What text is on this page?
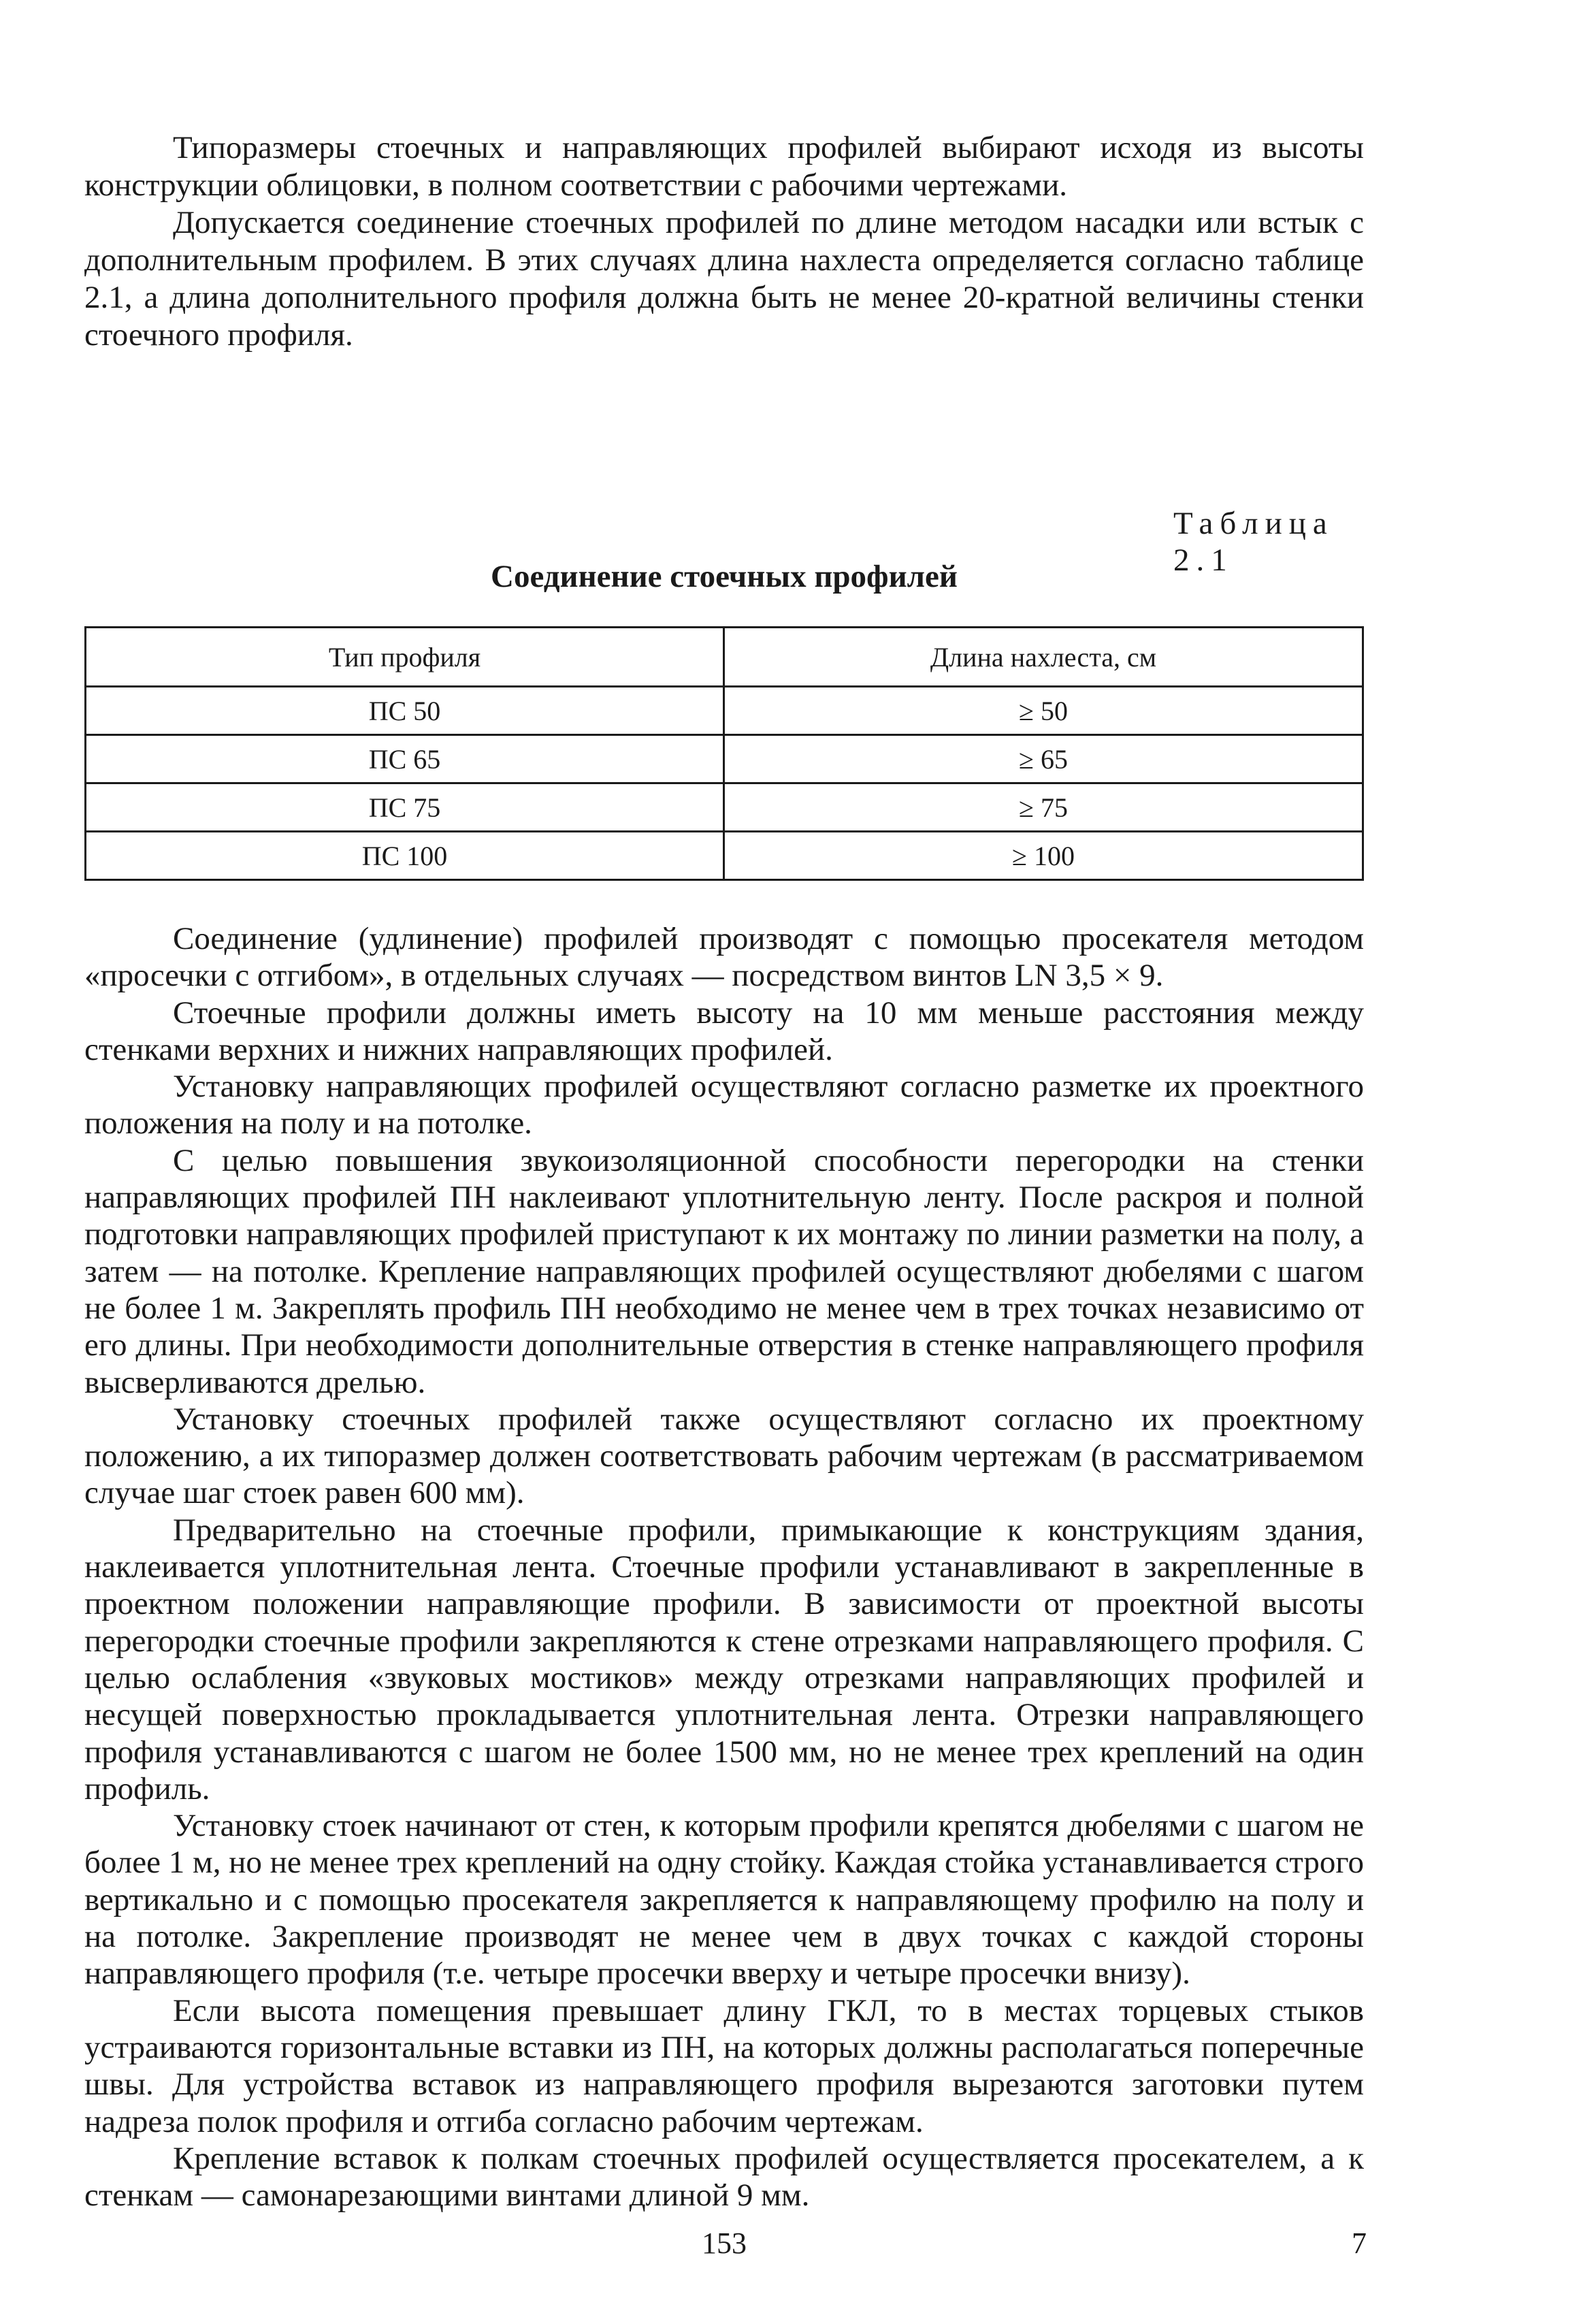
Типоразмеры стоечных и направляющих профилей выбирают исходя из высоты конструкции облицовки, в полном соответствии с рабочими чертежами.

Допускается соединение стоечных профилей по длине методом насадки или встык с дополнительным профилем. В этих случаях длина нахлеста определяется согласно таблице 2.1, а длина дополнительного профиля должна быть не менее 20-кратной величины стенки стоечного профиля.

Таблица 2.1

Соединение стоечных профилей

Тип профиля	Длина нахлеста, см
ПС 50	≥ 50
ПС 65	≥ 65
ПС 75	≥ 75
ПС 100	≥ 100

Соединение (удлинение) профилей производят с помощью просекателя методом «просечки с отгибом», в отдельных случаях — посредством винтов LN 3,5 × 9.

Стоечные профили должны иметь высоту на 10 мм меньше расстояния между стенками верхних и нижних направляющих профилей.

Установку направляющих профилей осуществляют согласно разметке их проектного положения на полу и на потолке.

С целью повышения звукоизоляционной способности перегородки на стенки направляющих профилей ПН наклеивают уплотнительную ленту. После раскроя и полной подготовки направляющих профилей приступают к их монтажу по линии разметки на полу, а затем — на потолке. Крепление направляющих профилей осуществляют дюбелями с шагом не более 1 м. Закреплять профиль ПН необходимо не менее чем в трех точках независимо от его длины. При необходимости дополнительные отверстия в стенке направляющего профиля высверливаются дрелью.

Установку стоечных профилей также осуществляют согласно их проектному положению, а их типоразмер должен соответствовать рабочим чертежам (в рассматриваемом случае шаг стоек равен 600 мм).

Предварительно на стоечные профили, примыкающие к конструкциям здания, наклеивается уплотнительная лента. Стоечные профили устанавливают в закрепленные в проектном положении направляющие профили. В зависимости от проектной высоты перегородки стоечные профили закрепляются к стене отрезками направляющего профиля. С целью ослабления «звуковых мостиков» между отрезками направляющих профилей и несущей поверхностью прокладывается уплотнительная лента. Отрезки направляющего профиля устанавливаются с шагом не более 1500 мм, но не менее трех креплений на один профиль.

Установку стоек начинают от стен, к которым профили крепятся дюбелями с шагом не более 1 м, но не менее трех креплений на одну стойку. Каждая стойка устанавливается строго вертикально и с помощью просекателя закрепляется к направляющему профилю на полу и на потолке. Закрепление производят не менее чем в двух точках с каждой стороны направляющего профиля (т.е. четыре просечки вверху и четыре просечки внизу).

Если высота помещения превышает длину ГКЛ, то в местах торцевых стыков устраиваются горизонтальные вставки из ПН, на которых должны располагаться поперечные швы. Для устройства вставок из направляющего профиля вырезаются заготовки путем надреза полок профиля и отгиба согласно рабочим чертежам.

Крепление вставок к полкам стоечных профилей осуществляется просекателем, а к стенкам — самонарезающими винтами длиной 9 мм.

153	7
